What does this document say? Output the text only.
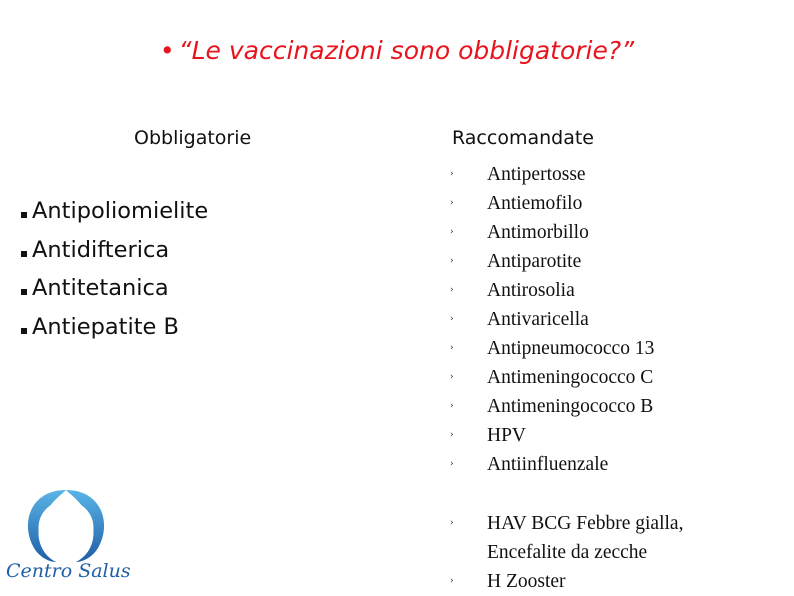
• “Le vaccinazioni sono obbligatorie?”
Obbligatorie	Raccomandate
Antipoliomielite
Antidifterica
Antitetanica
Antiepatite B
› Antipertosse
› Antiemofilo
› Antimorbillo
› Antiparotite
› Antirosolia
› Antivaricella
› Antipneumococco 13
› Antimeningococco C
› Antimeningococco B
› HPV
› Antiinfluenzale
› HAV BCG Febbre gialla, Encefalite da zecche
› H Zooster
Centro Salus
